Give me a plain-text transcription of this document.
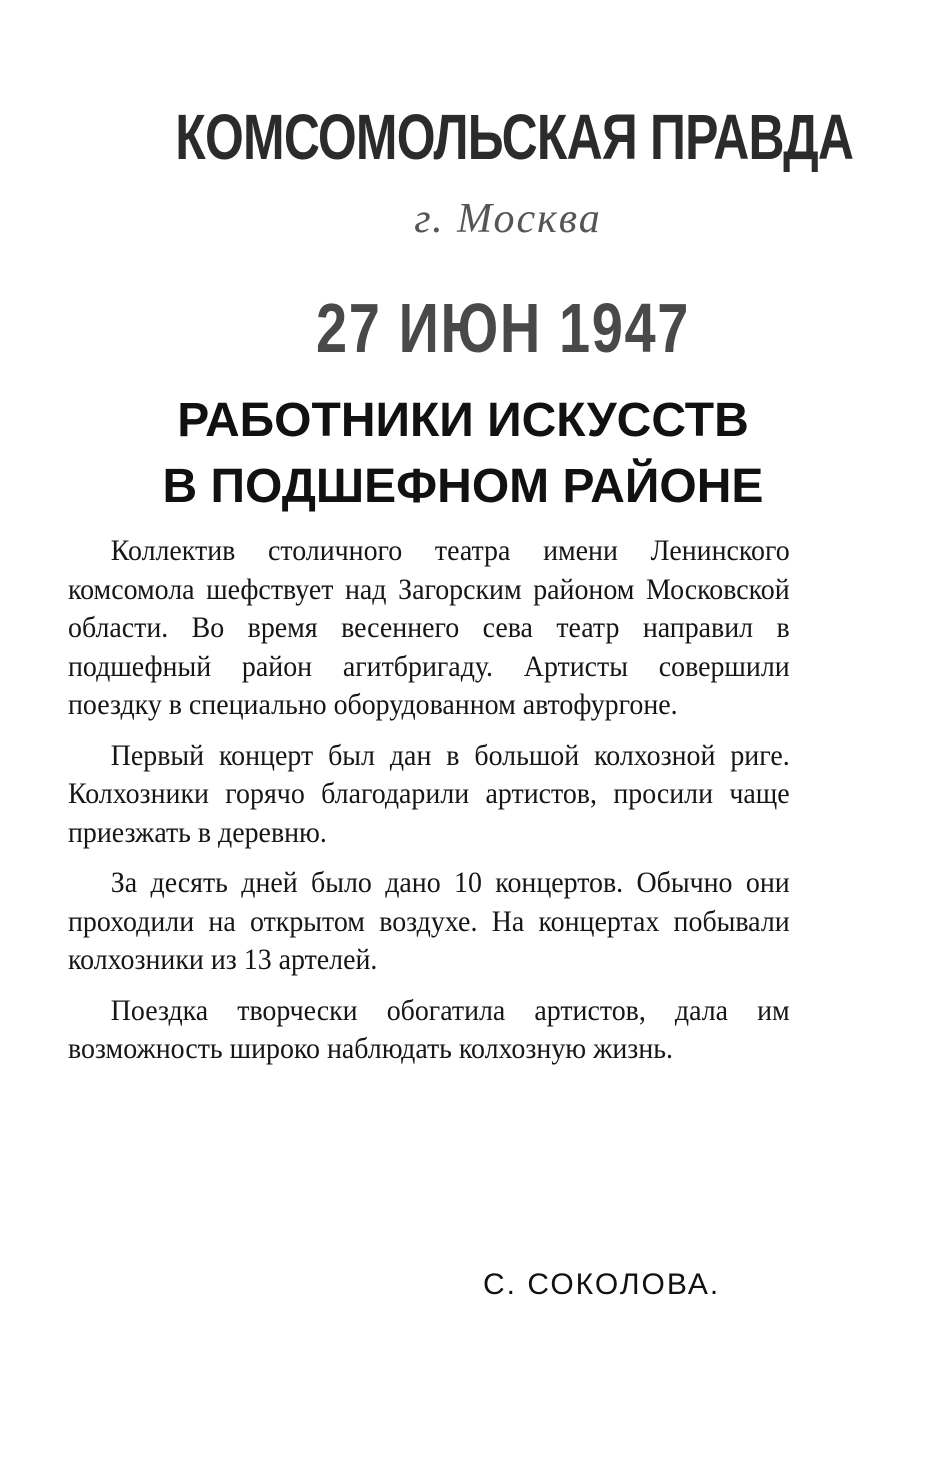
КОМСОМОЛЬСКАЯ ПРАВДА
г. Москва
27 ИЮН 1947
РАБОТНИКИ ИСКУССТВ
В ПОДШЕФНОМ РАЙОНЕ

Коллектив столичного театра имени Ленинского комсомола шефствует над Загорским районом Московской области. Во время весеннего сева театр направил в подшефный район агитбригаду. Артисты совершили поездку в специально оборудованном автофургоне.

Первый концерт был дан в большой колхозной риге. Колхозники горячо благодарили артистов, просили чаще приезжать в деревню.

За десять дней было дано 10 концертов. Обычно они проходили на открытом воздухе. На концертах побывали колхозники из 13 артелей.

Поездка творчески обогатила артистов, дала им возможность широко наблюдать колхозную жизнь.

С. СОКОЛОВА.
